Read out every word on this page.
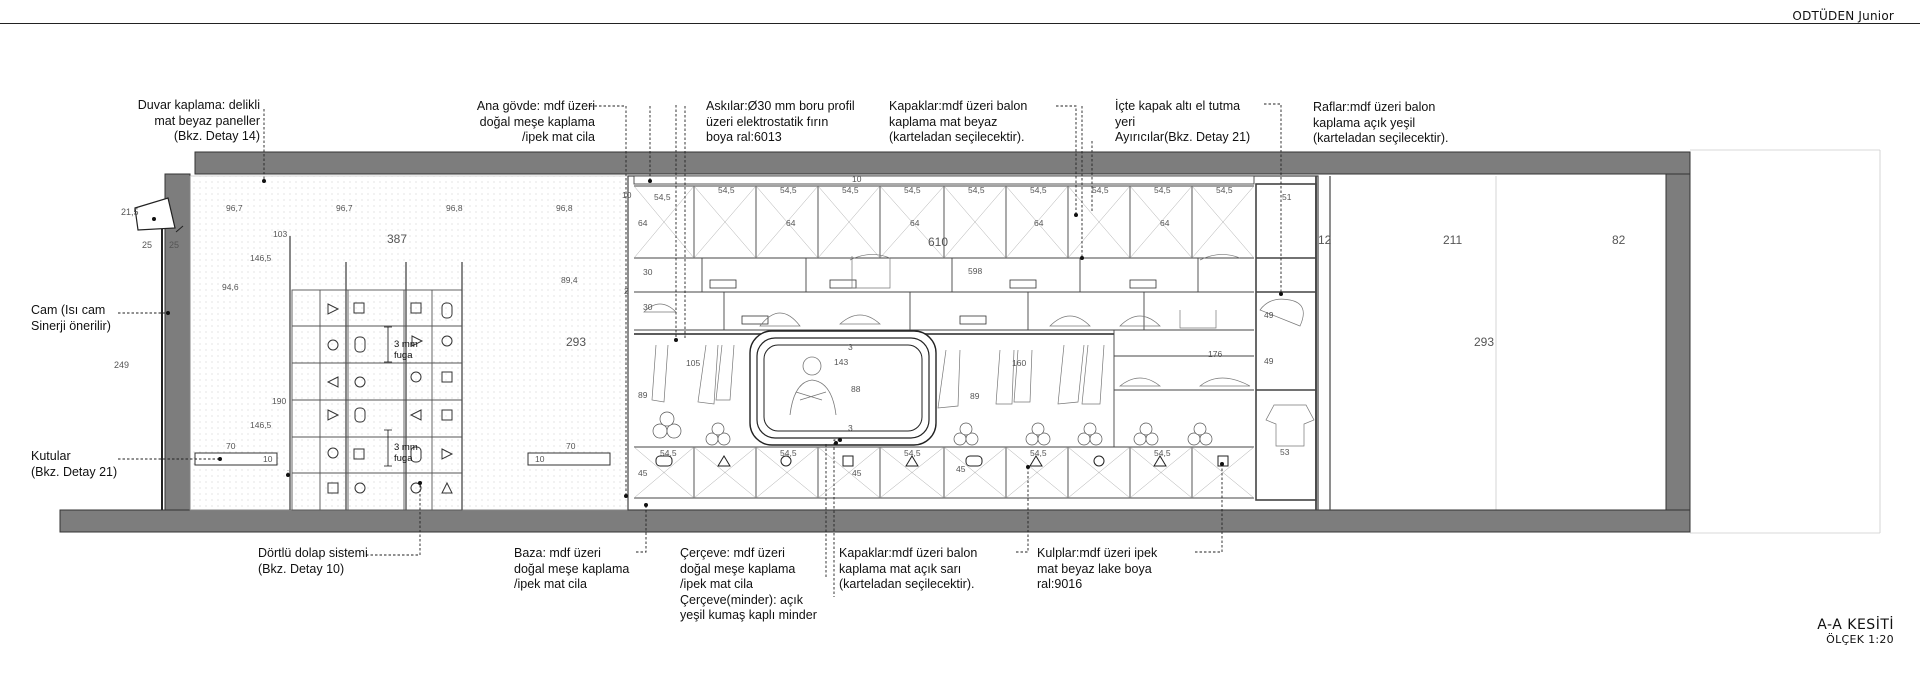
ODTÜDEN Junior
21,5
25 25
249
96,7	96,7	96,8	96,8
387
103
146,5
94,6
89,4
293
190
146,5
10
70
10
70
610
10
10	51
12	211	82
293
54,5
54,5	54,5	54,5	54,5	54,5	54,5	54,5	54,5	54,5
64	64	64	64	64
30	598
30
176
49
49
105	143	160
89	89
88
45	45	45
53
3
3
2
54,5	54,5	54,5	54,5	54,5
3 mm
fuga
3 mm
fuga
Duvar kaplama: delikli
mat beyaz paneller
(Bkz. Detay 14)
Cam (Isı cam
Sinerji önerilir)
Kutular
(Bkz. Detay 21)
Dörtlü dolap sistemi
(Bkz. Detay 10)
Ana gövde: mdf üzeri
doğal meşe kaplama
/ipek mat cila
Askılar:Ø30 mm boru profil
üzeri elektrostatik fırın
boya ral:6013
Kapaklar:mdf üzeri balon
kaplama mat beyaz
(karteladan seçilecektir).
İçte kapak altı el tutma
yeri
Ayırıcılar(Bkz. Detay 21)
Raflar:mdf üzeri balon
kaplama açık yeşil
(karteladan seçilecektir).
Baza: mdf üzeri
doğal meşe kaplama
/ipek mat cila
Çerçeve: mdf üzeri
doğal meşe kaplama
/ipek mat cila
Çerçeve(minder): açık
yeşil kumaş kaplı minder
Kapaklar:mdf üzeri balon
kaplama mat açık sarı
(karteladan seçilecektir).
Kulplar:mdf üzeri ipek
mat beyaz lake boya
ral:9016
A-A KESİTİ
ÖLÇEK 1:20
